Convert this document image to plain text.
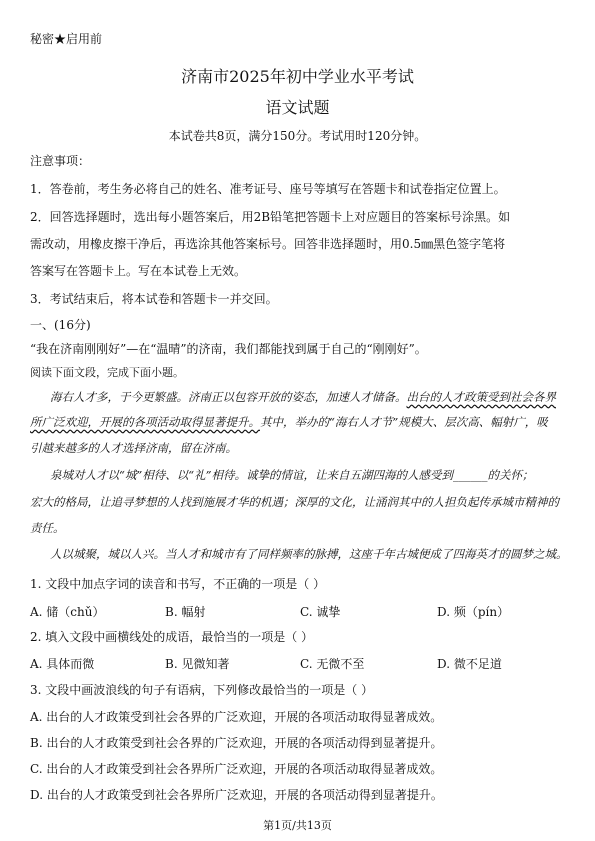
秘密★启用前
济南市2025年初中学业水平考试
语文试题
本试卷共8页，满分150分。考试用时120分钟。
注意事项：
1．答卷前，考生务必将自己的姓名、准考证号、座号等填写在答题卡和试卷指定位置上。
2．回答选择题时，选出每小题答案后，用2B铅笔把答题卡上对应题目的答案标号涂黑。如
需改动，用橡皮擦干净后，再选涂其他答案标号。回答非选择题时，用0.5㎜黑色签字笔将
答案写在答题卡上。写在本试卷上无效。
3．考试结束后，将本试卷和答题卡一并交回。
一、(16分)
“我在济南刚刚好”—在“温晴”的济南，我们都能找到属于自己的“刚刚好”。
阅读下面文段，完成下面小题。
海右人才多，于今更繁盛。济南正以包容开放的姿态，加速人才储备。出台的人才政策受到社会各界
所广泛欢迎，开展的各项活动取得显著提升。其中，举办的“海右人才节”规模大、层次高、幅射广，吸
引越来越多的人才选择济南，留在济南。
泉城对人才以“城”相待、以“礼”相待。诚挚的情谊，让来自五湖四海的人感受到______的关怀；
宏大的格局，让追寻梦想的人找到施展才华的机遇；深厚的文化，让涌润其中的人担负起传承城市精神的
责任。
人以城聚，城以人兴。当人才和城市有了同样频率的脉搏，这座千年古城便成了四海英才的圆梦之城。
1. 文段中加点字词的读音和书写，不正确的一项是（ ）
A. 储（chǔ）	B. 幅射	C. 诚挚	D. 频（pín）
2. 填入文段中画横线处的成语，最恰当的一项是（ ）
A. 具体而微	B. 见微知著	C. 无微不至	D. 微不足道
3. 文段中画波浪线的句子有语病，下列修改最恰当的一项是（ ）
A. 出台的人才政策受到社会各界的广泛欢迎，开展的各项活动取得显著成效。
B. 出台的人才政策受到社会各界的广泛欢迎，开展的各项活动得到显著提升。
C. 出台的人才政策受到社会各界所广泛欢迎，开展的各项活动取得显著成效。
D. 出台的人才政策受到社会各界所广泛欢迎，开展的各项活动得到显著提升。
第1页/共13页
